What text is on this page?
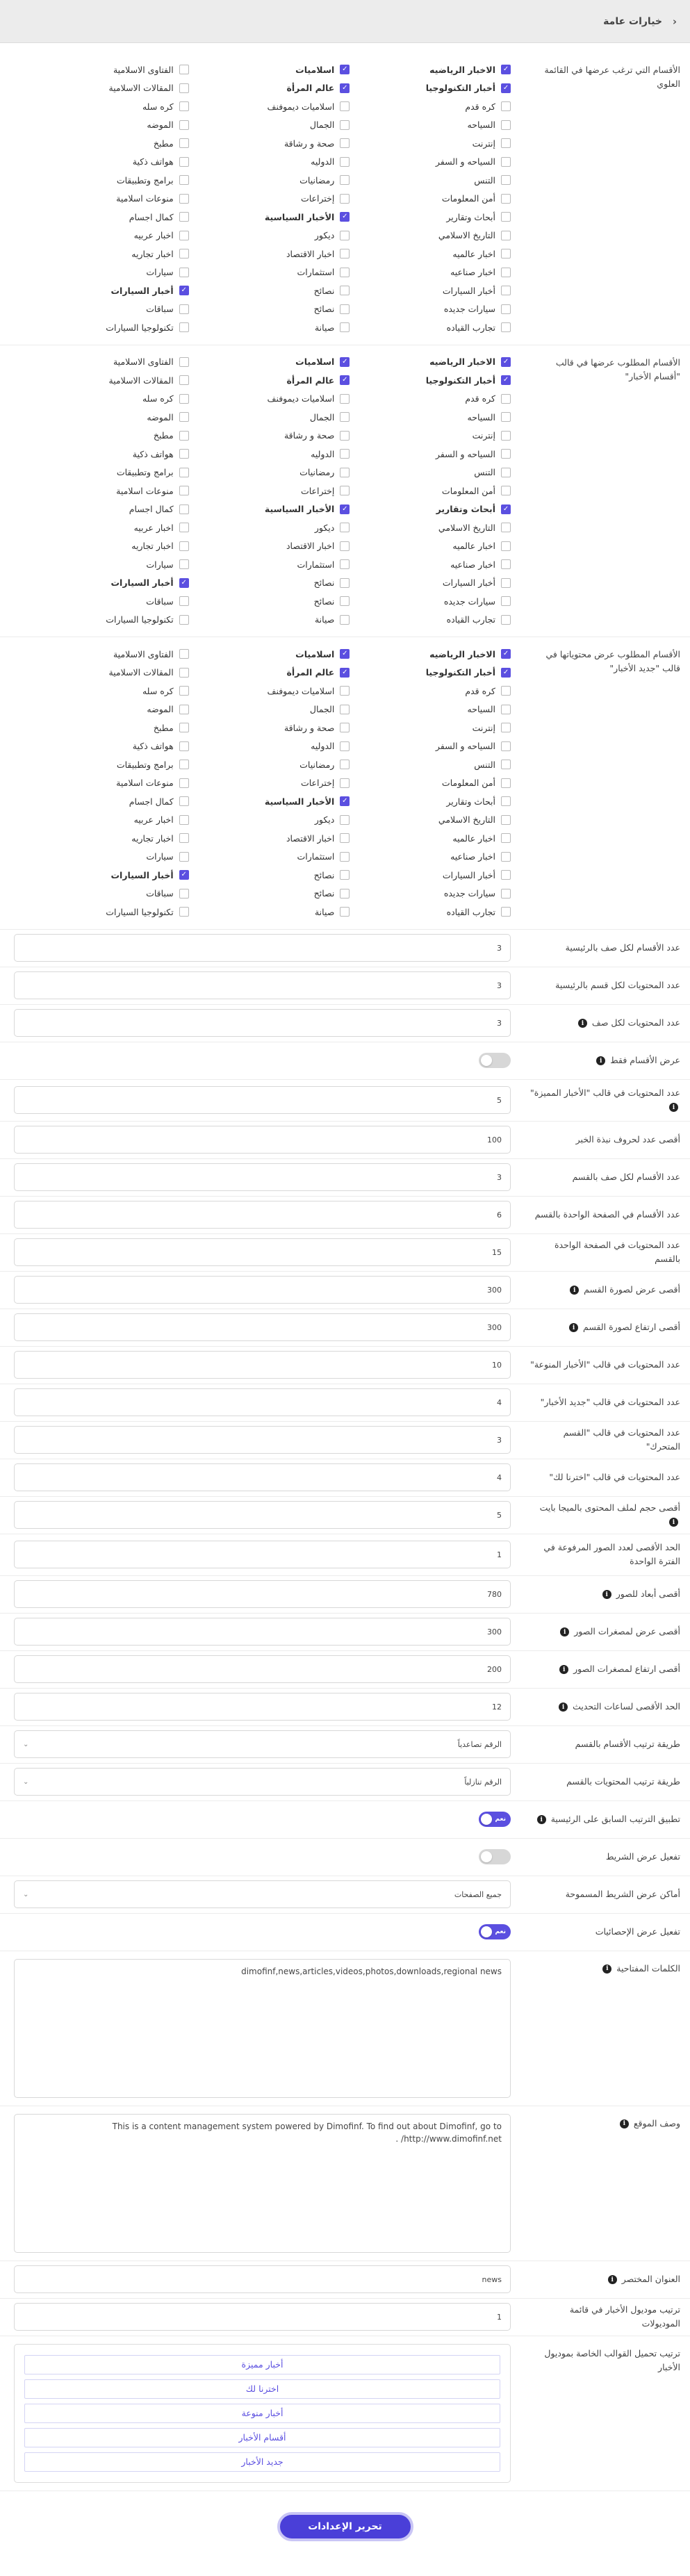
‹
خيارات عامة
الأقسام التي ترغب عرضها في القائمة العلوي
✓
الاخبار الرياضيه
✓
اسلاميات
الفتاوى الاسلامية
✓
أخبار التكنولوجيا
✓
عالم المرأة
المقالات الاسلامية
كره قدم
اسلاميات ديموفنف
كره سله
السياحه
الجمال
الموضه
إنترنت
صحة و رشاقة
مطبخ
السياحه و السفر
الدوليه
هواتف ذكية
التنس
رمضانيات
برامج وتطبيقات
أمن المعلومات
إختراعات
منوعات اسلامية
أبحاث وتقارير
✓
الأخبار السياسية
كمال اجسام
التاريخ الاسلامي
ديكور
اخبار عربيه
اخبار عالميه
اخبار الاقتصاد
اخبار تجاريه
اخبار صناعيه
استثمارات
سيارات
أخبار السيارات
نصائح
✓
أخبار السيارات
سيارات جديده
نصائح
سباقات
تجارب القياده
صيانة
تكنولوجيا السيارات
الأقسام المطلوب عرضها في قالب "أقسام الأخبار"
✓
الاخبار الرياضيه
✓
اسلاميات
الفتاوى الاسلامية
✓
أخبار التكنولوجيا
✓
عالم المرأة
المقالات الاسلامية
كره قدم
اسلاميات ديموفنف
كره سله
السياحه
الجمال
الموضه
إنترنت
صحة و رشاقة
مطبخ
السياحه و السفر
الدوليه
هواتف ذكية
التنس
رمضانيات
برامج وتطبيقات
أمن المعلومات
إختراعات
منوعات اسلامية
✓
أبحاث وتقارير
✓
الأخبار السياسية
كمال اجسام
التاريخ الاسلامي
ديكور
اخبار عربيه
اخبار عالميه
اخبار الاقتصاد
اخبار تجاريه
اخبار صناعيه
استثمارات
سيارات
أخبار السيارات
نصائح
✓
أخبار السيارات
سيارات جديده
نصائح
سباقات
تجارب القياده
صيانة
تكنولوجيا السيارات
الأقسام المطلوب عرض محتوياتها في قالب "جديد الأخبار"
✓
الاخبار الرياضيه
✓
اسلاميات
الفتاوى الاسلامية
✓
أخبار التكنولوجيا
✓
عالم المرأة
المقالات الاسلامية
كره قدم
اسلاميات ديموفنف
كره سله
السياحه
الجمال
الموضه
إنترنت
صحة و رشاقة
مطبخ
السياحه و السفر
الدوليه
هواتف ذكية
التنس
رمضانيات
برامج وتطبيقات
أمن المعلومات
إختراعات
منوعات اسلامية
أبحاث وتقارير
✓
الأخبار السياسية
كمال اجسام
التاريخ الاسلامي
ديكور
اخبار عربيه
اخبار عالميه
اخبار الاقتصاد
اخبار تجاريه
اخبار صناعيه
استثمارات
سيارات
أخبار السيارات
نصائح
✓
أخبار السيارات
سيارات جديده
نصائح
سباقات
تجارب القياده
صيانة
تكنولوجيا السيارات
عدد الأقسام لكل صف بالرئيسية
3
عدد المحتويات لكل قسم بالرئيسية
3
عدد المحتويات لكل صف i
3
عرض الأقسام فقط i
عدد المحتويات في قالب "الأخبار المميزة" i
5
أقصى عدد لحروف نبذة الخبر
100
عدد الأقسام لكل صف بالقسم
3
عدد الأقسام في الصفحة الواحدة بالقسم
6
عدد المحتويات في الصفحة الواحدة بالقسم
15
أقصى عرض لصورة القسم i
300
أقصى ارتفاع لصورة القسم i
300
عدد المحتويات في قالب "الأخبار المنوعة"
10
عدد المحتويات في قالب "جديد الأخبار"
4
عدد المحتويات في قالب "القسم المتحرك"
3
عدد المحتويات في قالب "اخترنا لك"
4
أقصى حجم لملف المحتوى بالميجا بايت i
5
الحد الأقصى لعدد الصور المرفوعة في الفترة الواحدة
1
أقصى أبعاد للصور i
780
أقصى عرض لمصغرات الصور i
300
أقصى ارتفاع لمصغرات الصور i
200
الحد الأقصى لساعات التحديث i
12
طريقة ترتيب الأقسام بالقسم
الرقم تصاعدياً
⌄
طريقة ترتيب المحتويات بالقسم
الرقم تنازلياً
⌄
تطبيق الترتيب السابق على الرئيسية i
نعم
تفعيل عرض الشريط
أماكن عرض الشريط المسموحة
جميع الصفحات
⌄
تفعيل عرض الإحصائيات
نعم
الكلمات المفتاحية i
dimofinf,news,articles,videos,photos,downloads,regional news
وصف الموقع i
This is a content management system powered by Dimofinf. To find out about Dimofinf, go to http://www.dimofinf.net/ .
العنوان المختصر i
news
ترتيب موديول الأخبار في قائمة الموديولات
1
ترتيب تحميل القوالب الخاصة بموديول الأخبار
أخبار مميزة
اخترنا لك
أخبار منوعة
أقسام الأخبار
جديد الأخبار
تحرير الإعدادات
